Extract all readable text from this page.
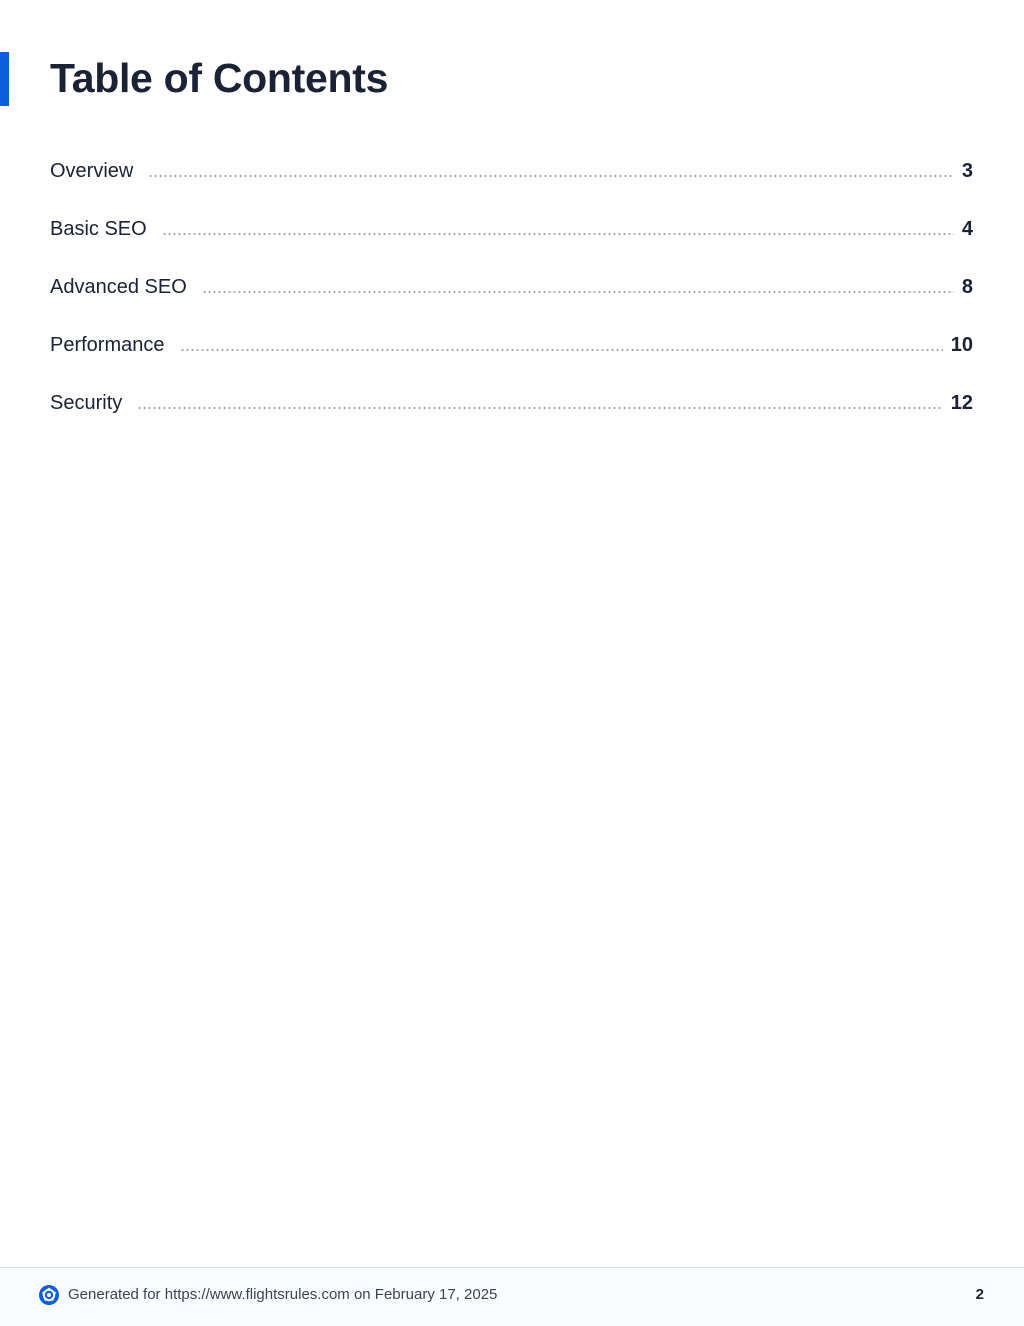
Table of Contents
Overview	3
Basic SEO	4
Advanced SEO	8
Performance	10
Security	12
Generated for https://www.flightsrules.com on February 17, 2025	2
